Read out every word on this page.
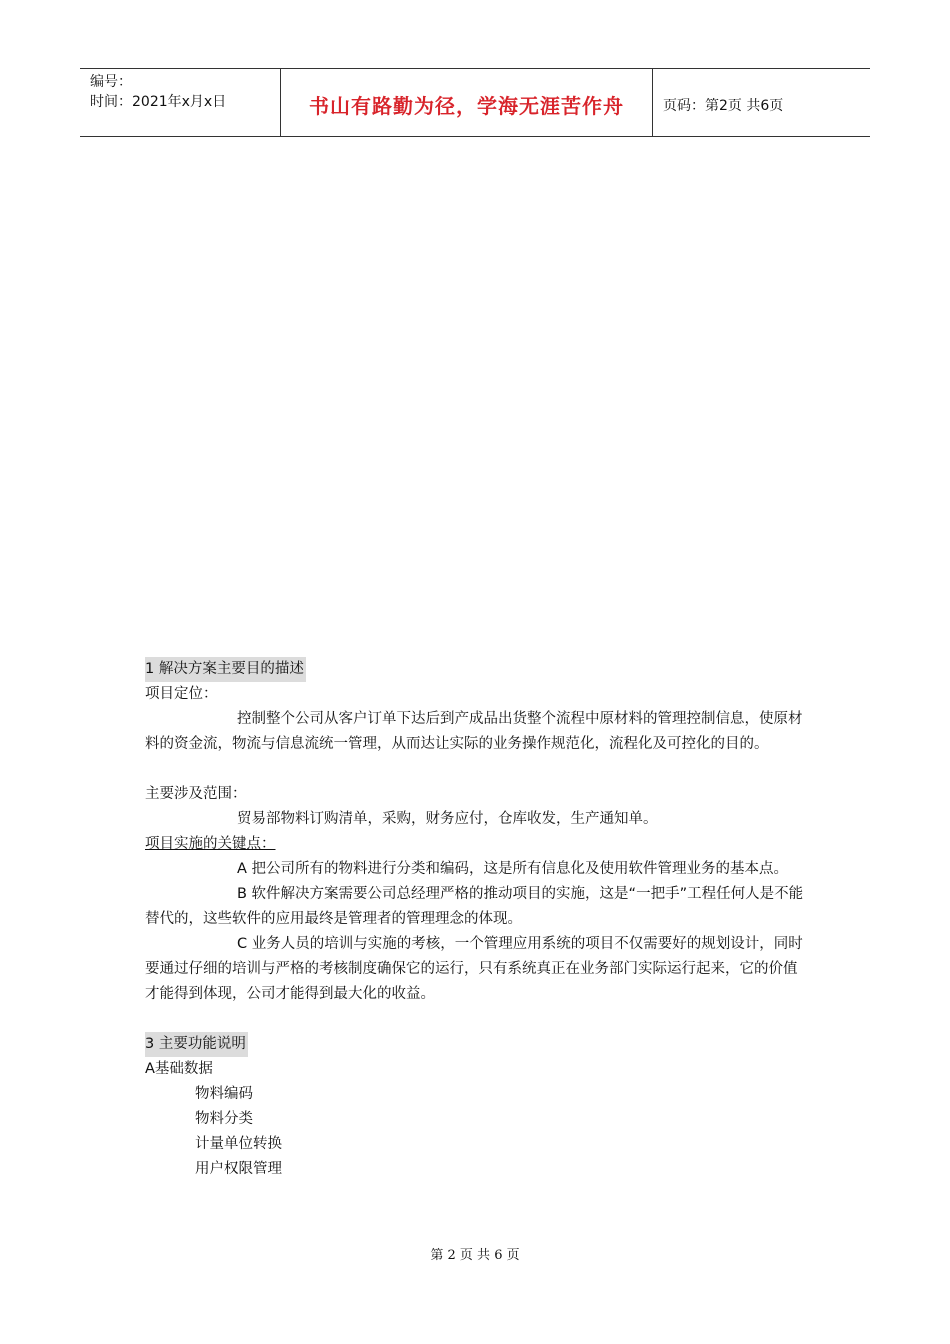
编号：
时间：2021年x月x日	书山有路勤为径，学海无涯苦作舟	页码：第2页 共6页

1 解决方案主要目的描述

项目定位：

控制整个公司从客户订单下达后到产成品出货整个流程中原材料的管理控制信息，使原材料的资金流，物流与信息流统一管理，从而达让实际的业务操作规范化，流程化及可控化的目的。

主要涉及范围：

贸易部物料订购清单，采购，财务应付，仓库收发，生产通知单。

项目实施的关键点：

A 把公司所有的物料进行分类和编码，这是所有信息化及使用软件管理业务的基本点。

B 软件解决方案需要公司总经理严格的推动项目的实施，这是“一把手”工程任何人是不能替代的，这些软件的应用最终是管理者的管理理念的体现。

C 业务人员的培训与实施的考核，一个管理应用系统的项目不仅需要好的规划设计，同时要通过仔细的培训与严格的考核制度确保它的运行，只有系统真正在业务部门实际运行起来，它的价值才能得到体现，公司才能得到最大化的收益。

3 主要功能说明

A基础数据

物料编码

物料分类

计量单位转换

用户权限管理

第 2 页 共 6 页
